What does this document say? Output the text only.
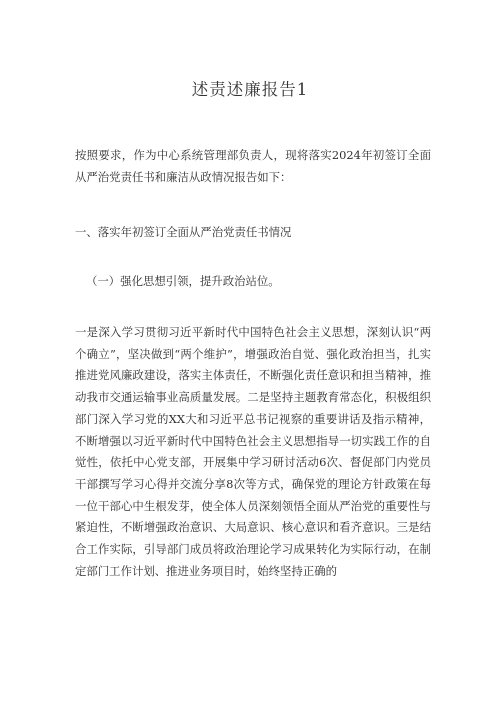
述责述廉报告1

按照要求，作为中心系统管理部负责人，现将落实2024年初签订全面从严治党责任书和廉洁从政情况报告如下：

一、落实年初签订全面从严治党责任书情况

（一）强化思想引领，提升政治站位。

一是深入学习贯彻习近平新时代中国特色社会主义思想，深刻认识“两个确立”，坚决做到“两个维护”，增强政治自觉、强化政治担当，扎实推进党风廉政建设，落实主体责任，不断强化责任意识和担当精神，推动我市交通运输事业高质量发展。二是坚持主题教育常态化，积极组织部门深入学习党的XX大和习近平总书记视察的重要讲话及指示精神，不断增强以习近平新时代中国特色社会主义思想指导一切实践工作的自觉性，依托中心党支部，开展集中学习研讨活动6次、督促部门内党员干部撰写学习心得并交流分享8次等方式，确保党的理论方针政策在每一位干部心中生根发芽，使全体人员深刻领悟全面从严治党的重要性与紧迫性，不断增强政治意识、大局意识、核心意识和看齐意识。三是结合工作实际，引导部门成员将政治理论学习成果转化为实际行动，在制定部门工作计划、推进业务项目时，始终坚持正确的
